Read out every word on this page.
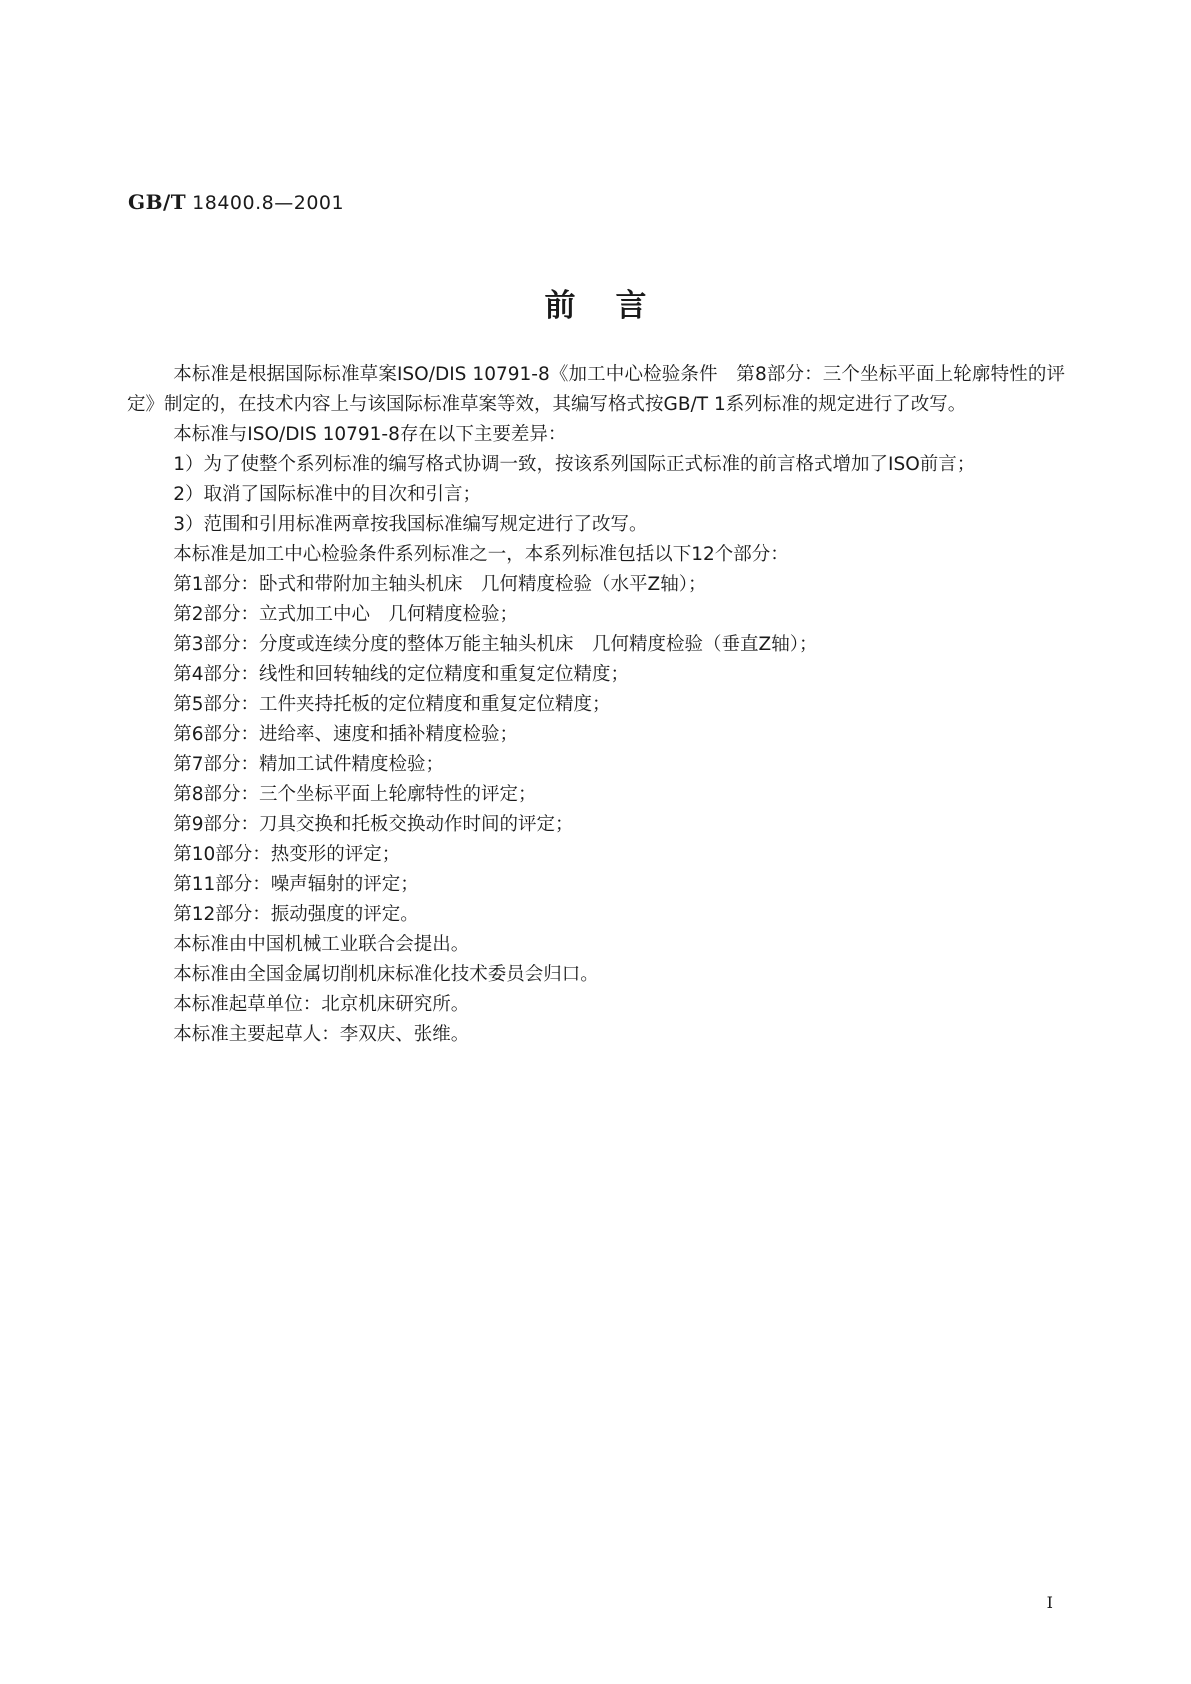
GB/T 18400.8—2001
前言

本标准是根据国际标准草案ISO/DIS 10791-8《加工中心检验条件　第8部分：三个坐标平面上轮廓特性的评定》制定的，在技术内容上与该国际标准草案等效，其编写格式按GB/T 1系列标准的规定进行了改写。

本标准与ISO/DIS 10791-8存在以下主要差异：

1）为了使整个系列标准的编写格式协调一致，按该系列国际正式标准的前言格式增加了ISO前言；

2）取消了国际标准中的目次和引言；

3）范围和引用标准两章按我国标准编写规定进行了改写。

本标准是加工中心检验条件系列标准之一，本系列标准包括以下12个部分：

第1部分：卧式和带附加主轴头机床　几何精度检验（水平Z轴）；

第2部分：立式加工中心　几何精度检验；

第3部分：分度或连续分度的整体万能主轴头机床　几何精度检验（垂直Z轴）；

第4部分：线性和回转轴线的定位精度和重复定位精度；

第5部分：工件夹持托板的定位精度和重复定位精度；

第6部分：进给率、速度和插补精度检验；

第7部分：精加工试件精度检验；

第8部分：三个坐标平面上轮廓特性的评定；

第9部分：刀具交换和托板交换动作时间的评定；

第10部分：热变形的评定；

第11部分：噪声辐射的评定；

第12部分：振动强度的评定。

本标准由中国机械工业联合会提出。

本标准由全国金属切削机床标准化技术委员会归口。

本标准起草单位：北京机床研究所。

本标准主要起草人：李双庆、张维。

I
